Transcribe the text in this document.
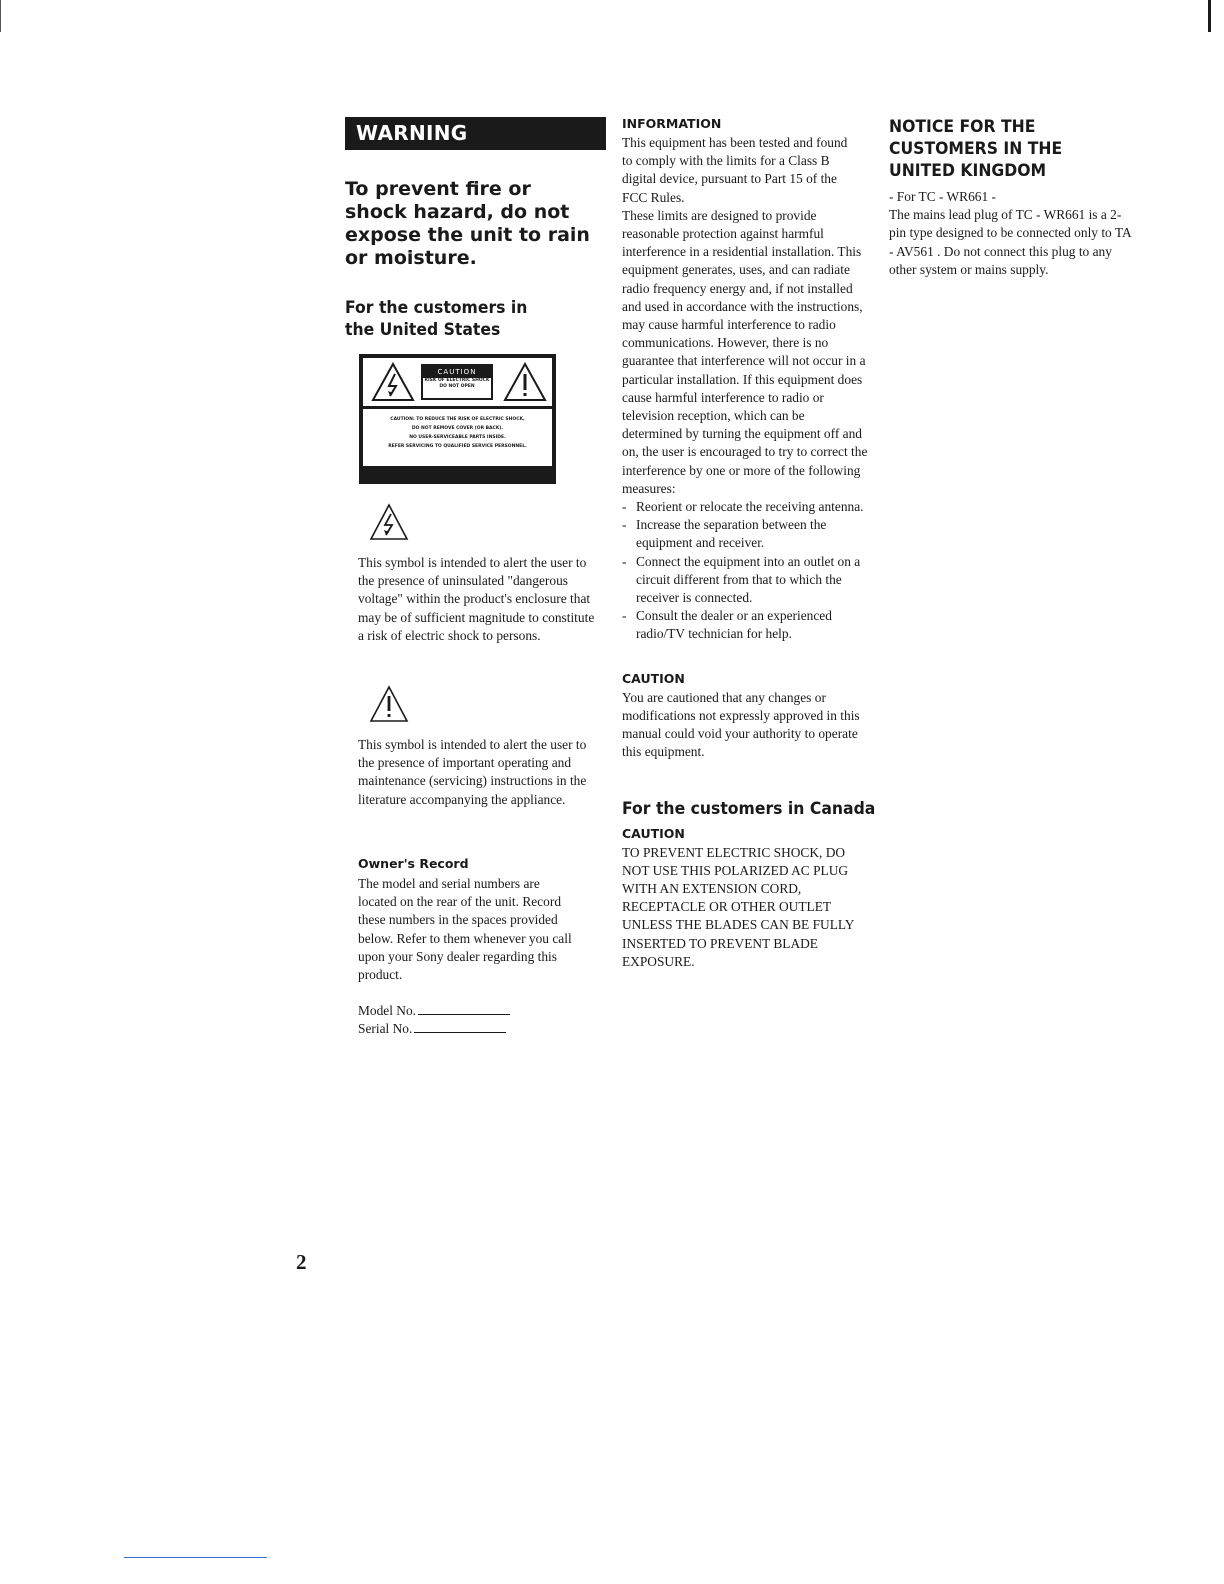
WARNING

To prevent fire or shock hazard, do not expose the unit to rain or moisture.

For the customers in the United States

CAUTION
RISK OF ELECTRIC SHOCK
DO NOT OPEN
CAUTION: TO REDUCE THE RISK OF ELECTRIC SHOCK,
DO NOT REMOVE COVER (OR BACK).
NO USER-SERVICEABLE PARTS INSIDE.
REFER SERVICING TO QUALIFIED SERVICE PERSONNEL.

This symbol is intended to alert the user to the presence of uninsulated "dangerous voltage" within the product's enclosure that may be of sufficient magnitude to constitute a risk of electric shock to persons.

This symbol is intended to alert the user to the presence of important operating and maintenance (servicing) instructions in the literature accompanying the appliance.

Owner's Record

The model and serial numbers are located on the rear of the unit. Record these numbers in the spaces provided below. Refer to them whenever you call upon your Sony dealer regarding this product.

Model No.
Serial No.

INFORMATION

This equipment has been tested and found to comply with the limits for a Class B digital device, pursuant to Part 15 of the FCC Rules.

These limits are designed to provide reasonable protection against harmful interference in a residential installation. This equipment generates, uses, and can radiate radio frequency energy and, if not installed and used in accordance with the instructions, may cause harmful interference to radio communications. However, there is no guarantee that interference will not occur in a particular installation. If this equipment does cause harmful interference to radio or television reception, which can be determined by turning the equipment off and on, the user is encouraged to try to correct the interference by one or more of the following measures:

- Reorient or relocate the receiving antenna.
- Increase the separation between the equipment and receiver.
- Connect the equipment into an outlet on a circuit different from that to which the receiver is connected.
- Consult the dealer or an experienced radio/TV technician for help.

CAUTION

You are cautioned that any changes or modifications not expressly approved in this manual could void your authority to operate this equipment.

For the customers in Canada

CAUTION

TO PREVENT ELECTRIC SHOCK, DO NOT USE THIS POLARIZED AC PLUG WITH AN EXTENSION CORD, RECEPTACLE OR OTHER OUTLET UNLESS THE BLADES CAN BE FULLY INSERTED TO PREVENT BLADE EXPOSURE.

NOTICE FOR THE CUSTOMERS IN THE UNITED KINGDOM

- For TC - WR661 -

The mains lead plug of TC - WR661 is a 2-pin type designed to be connected only to TA - AV561 . Do not connect this plug to any other system or mains supply.

2
